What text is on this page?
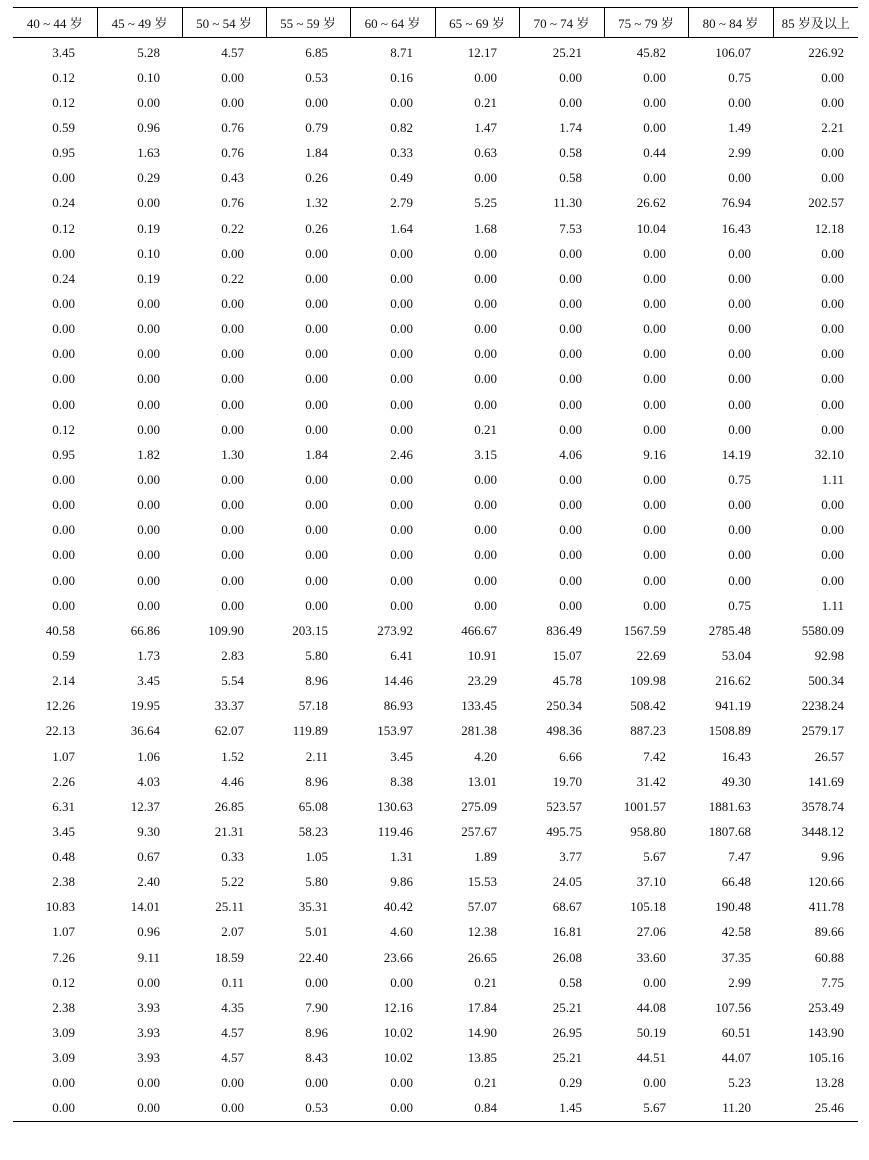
40 ~ 44 岁	45 ~ 49 岁	50 ~ 54 岁	55 ~ 59 岁	60 ~ 64 岁	65 ~ 69 岁	70 ~ 74 岁	75 ~ 79 岁	80 ~ 84 岁	85 岁及以上
3.45	5.28	4.57	6.85	8.71	12.17	25.21	45.82	106.07	226.92
0.12	0.10	0.00	0.53	0.16	0.00	0.00	0.00	0.75	0.00
0.12	0.00	0.00	0.00	0.00	0.21	0.00	0.00	0.00	0.00
0.59	0.96	0.76	0.79	0.82	1.47	1.74	0.00	1.49	2.21
0.95	1.63	0.76	1.84	0.33	0.63	0.58	0.44	2.99	0.00
0.00	0.29	0.43	0.26	0.49	0.00	0.58	0.00	0.00	0.00
0.24	0.00	0.76	1.32	2.79	5.25	11.30	26.62	76.94	202.57
0.12	0.19	0.22	0.26	1.64	1.68	7.53	10.04	16.43	12.18
0.00	0.10	0.00	0.00	0.00	0.00	0.00	0.00	0.00	0.00
0.24	0.19	0.22	0.00	0.00	0.00	0.00	0.00	0.00	0.00
0.00	0.00	0.00	0.00	0.00	0.00	0.00	0.00	0.00	0.00
0.00	0.00	0.00	0.00	0.00	0.00	0.00	0.00	0.00	0.00
0.00	0.00	0.00	0.00	0.00	0.00	0.00	0.00	0.00	0.00
0.00	0.00	0.00	0.00	0.00	0.00	0.00	0.00	0.00	0.00
0.00	0.00	0.00	0.00	0.00	0.00	0.00	0.00	0.00	0.00
0.12	0.00	0.00	0.00	0.00	0.21	0.00	0.00	0.00	0.00
0.95	1.82	1.30	1.84	2.46	3.15	4.06	9.16	14.19	32.10
0.00	0.00	0.00	0.00	0.00	0.00	0.00	0.00	0.75	1.11
0.00	0.00	0.00	0.00	0.00	0.00	0.00	0.00	0.00	0.00
0.00	0.00	0.00	0.00	0.00	0.00	0.00	0.00	0.00	0.00
0.00	0.00	0.00	0.00	0.00	0.00	0.00	0.00	0.00	0.00
0.00	0.00	0.00	0.00	0.00	0.00	0.00	0.00	0.00	0.00
0.00	0.00	0.00	0.00	0.00	0.00	0.00	0.00	0.75	1.11
40.58	66.86	109.90	203.15	273.92	466.67	836.49	1567.59	2785.48	5580.09
0.59	1.73	2.83	5.80	6.41	10.91	15.07	22.69	53.04	92.98
2.14	3.45	5.54	8.96	14.46	23.29	45.78	109.98	216.62	500.34
12.26	19.95	33.37	57.18	86.93	133.45	250.34	508.42	941.19	2238.24
22.13	36.64	62.07	119.89	153.97	281.38	498.36	887.23	1508.89	2579.17
1.07	1.06	1.52	2.11	3.45	4.20	6.66	7.42	16.43	26.57
2.26	4.03	4.46	8.96	8.38	13.01	19.70	31.42	49.30	141.69
6.31	12.37	26.85	65.08	130.63	275.09	523.57	1001.57	1881.63	3578.74
3.45	9.30	21.31	58.23	119.46	257.67	495.75	958.80	1807.68	3448.12
0.48	0.67	0.33	1.05	1.31	1.89	3.77	5.67	7.47	9.96
2.38	2.40	5.22	5.80	9.86	15.53	24.05	37.10	66.48	120.66
10.83	14.01	25.11	35.31	40.42	57.07	68.67	105.18	190.48	411.78
1.07	0.96	2.07	5.01	4.60	12.38	16.81	27.06	42.58	89.66
7.26	9.11	18.59	22.40	23.66	26.65	26.08	33.60	37.35	60.88
0.12	0.00	0.11	0.00	0.00	0.21	0.58	0.00	2.99	7.75
2.38	3.93	4.35	7.90	12.16	17.84	25.21	44.08	107.56	253.49
3.09	3.93	4.57	8.96	10.02	14.90	26.95	50.19	60.51	143.90
3.09	3.93	4.57	8.43	10.02	13.85	25.21	44.51	44.07	105.16
0.00	0.00	0.00	0.00	0.00	0.21	0.29	0.00	5.23	13.28
0.00	0.00	0.00	0.53	0.00	0.84	1.45	5.67	11.20	25.46
